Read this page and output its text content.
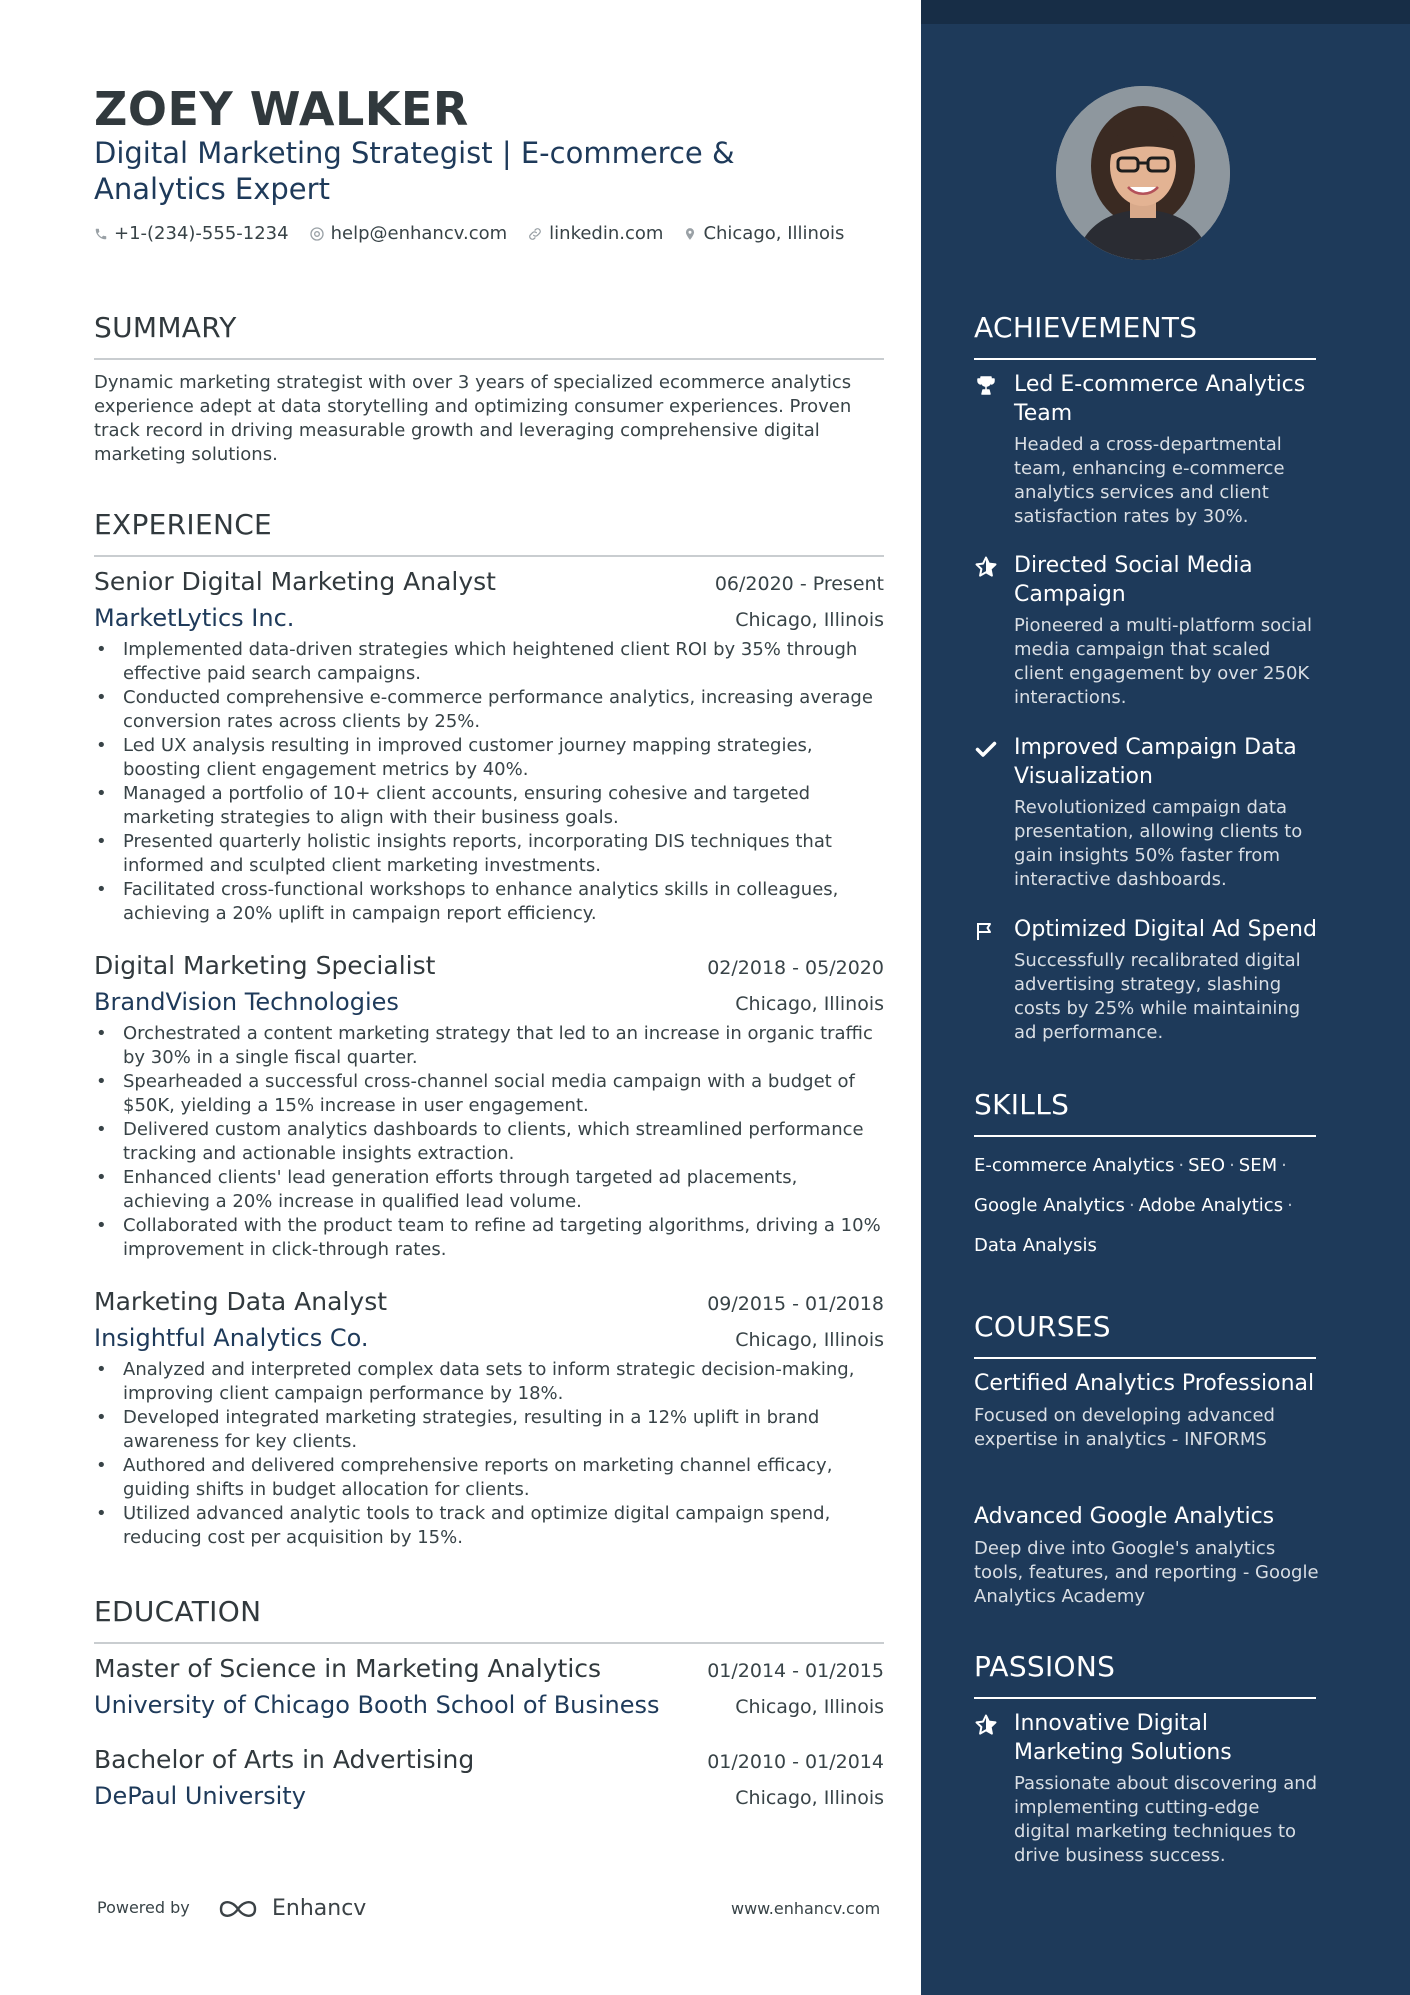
ZOEY WALKER
Digital Marketing Strategist | E-commerce & Analytics Expert
+1-(234)-555-1234 help@enhancv.com linkedin.com Chicago, Illinois
SUMMARY
Dynamic marketing strategist with over 3 years of specialized ecommerce analytics experience adept at data storytelling and optimizing consumer experiences. Proven track record in driving measurable growth and leveraging comprehensive digital marketing solutions.
EXPERIENCE
Senior Digital Marketing Analyst	06/2020 - Present
MarketLytics Inc.	Chicago, Illinois
• Implemented data-driven strategies which heightened client ROI by 35% through effective paid search campaigns.
• Conducted comprehensive e-commerce performance analytics, increasing average conversion rates across clients by 25%.
• Led UX analysis resulting in improved customer journey mapping strategies, boosting client engagement metrics by 40%.
• Managed a portfolio of 10+ client accounts, ensuring cohesive and targeted marketing strategies to align with their business goals.
• Presented quarterly holistic insights reports, incorporating DIS techniques that informed and sculpted client marketing investments.
• Facilitated cross-functional workshops to enhance analytics skills in colleagues, achieving a 20% uplift in campaign report efficiency.
Digital Marketing Specialist	02/2018 - 05/2020
BrandVision Technologies	Chicago, Illinois
• Orchestrated a content marketing strategy that led to an increase in organic traffic by 30% in a single fiscal quarter.
• Spearheaded a successful cross-channel social media campaign with a budget of $50K, yielding a 15% increase in user engagement.
• Delivered custom analytics dashboards to clients, which streamlined performance tracking and actionable insights extraction.
• Enhanced clients' lead generation efforts through targeted ad placements, achieving a 20% increase in qualified lead volume.
• Collaborated with the product team to refine ad targeting algorithms, driving a 10% improvement in click-through rates.
Marketing Data Analyst	09/2015 - 01/2018
Insightful Analytics Co.	Chicago, Illinois
• Analyzed and interpreted complex data sets to inform strategic decision-making, improving client campaign performance by 18%.
• Developed integrated marketing strategies, resulting in a 12% uplift in brand awareness for key clients.
• Authored and delivered comprehensive reports on marketing channel efficacy, guiding shifts in budget allocation for clients.
• Utilized advanced analytic tools to track and optimize digital campaign spend, reducing cost per acquisition by 15%.
EDUCATION
Master of Science in Marketing Analytics	01/2014 - 01/2015
University of Chicago Booth School of Business	Chicago, Illinois
Bachelor of Arts in Advertising	01/2010 - 01/2014
DePaul University	Chicago, Illinois
Powered by	Enhancv	www.enhancv.com
ACHIEVEMENTS
Led E-commerce Analytics Team
Headed a cross-departmental team, enhancing e-commerce analytics services and client satisfaction rates by 30%.
Directed Social Media Campaign
Pioneered a multi-platform social media campaign that scaled client engagement by over 250K interactions.
Improved Campaign Data Visualization
Revolutionized campaign data presentation, allowing clients to gain insights 50% faster from interactive dashboards.
Optimized Digital Ad Spend
Successfully recalibrated digital advertising strategy, slashing costs by 25% while maintaining ad performance.
SKILLS
E-commerce Analytics · SEO · SEM ·
Google Analytics · Adobe Analytics ·
Data Analysis
COURSES
Certified Analytics Professional
Focused on developing advanced expertise in analytics - INFORMS
Advanced Google Analytics
Deep dive into Google's analytics tools, features, and reporting - Google Analytics Academy
PASSIONS
Innovative Digital Marketing Solutions
Passionate about discovering and implementing cutting-edge digital marketing techniques to drive business success.
